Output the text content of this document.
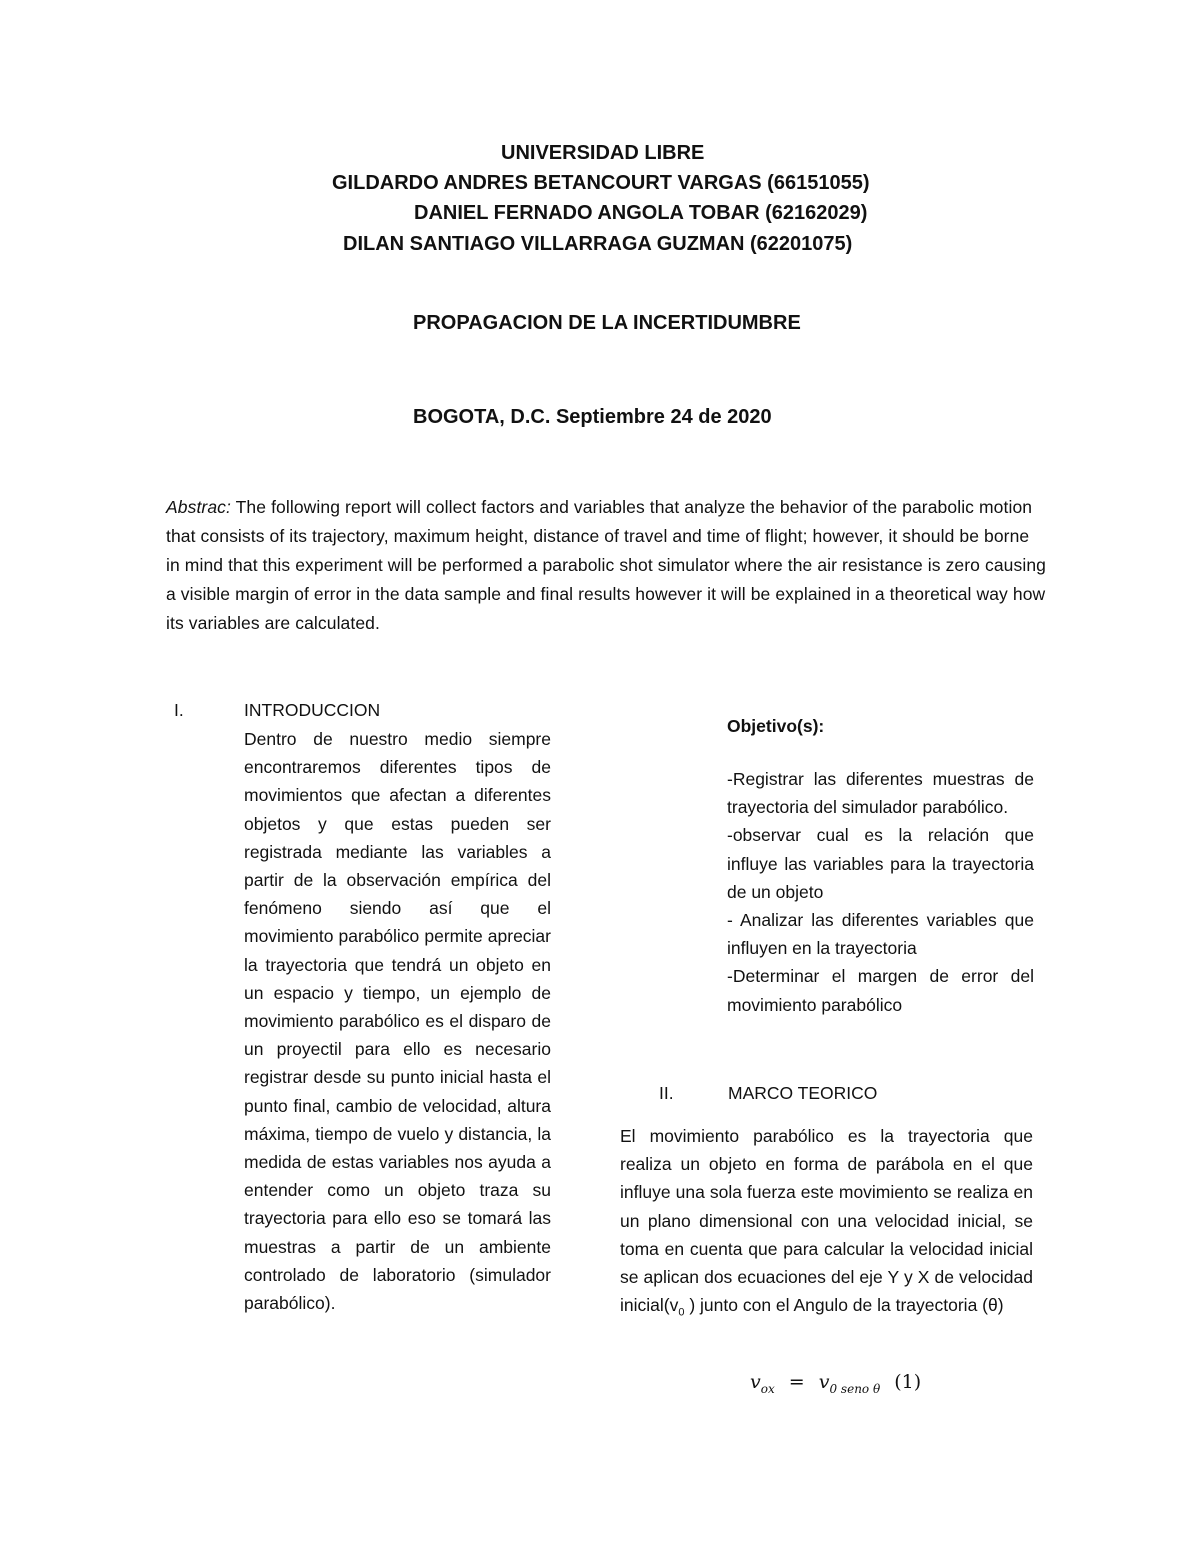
UNIVERSIDAD LIBRE
GILDARDO ANDRES BETANCOURT VARGAS (66151055)
DANIEL FERNADO ANGOLA TOBAR (62162029)
DILAN SANTIAGO VILLARRAGA GUZMAN (62201075)
PROPAGACION DE LA INCERTIDUMBRE
BOGOTA, D.C. Septiembre 24 de 2020
Abstrac: The following report will collect factors and variables that analyze the behavior of the parabolic motion that consists of its trajectory, maximum height, distance of travel and time of flight; however, it should be borne in mind that this experiment will be performed a parabolic shot simulator where the air resistance is zero causing a visible margin of error in the data sample and final results however it will be explained in a theoretical way how its variables are calculated.
I.	INTRODUCCION
Dentro de nuestro medio siempre encontraremos diferentes tipos de movimientos que afectan a diferentes objetos y que estas pueden ser registrada mediante las variables a partir de la observación empírica del fenómeno siendo así que el movimiento parabólico permite apreciar la trayectoria que tendrá un objeto en un espacio y tiempo, un ejemplo de movimiento parabólico es el disparo de un proyectil para ello es necesario registrar desde su punto inicial hasta el punto final, cambio de velocidad, altura máxima, tiempo de vuelo y distancia, la medida de estas variables nos ayuda a entender como un objeto traza su trayectoria para ello eso se tomará las muestras a partir de un ambiente controlado de laboratorio (simulador parabólico).
Objetivo(s):

-Registrar las diferentes muestras de trayectoria del simulador parabólico.

-observar cual es la relación que influye las variables para la trayectoria de un objeto

- Analizar las diferentes variables que influyen en la trayectoria

-Determinar el margen de error del movimiento parabólico

II.	MARCO TEORICO
El movimiento parabólico es la trayectoria que realiza un objeto en forma de parábola en el que influye una sola fuerza este movimiento se realiza en un plano dimensional con una velocidad inicial, se toma en cuenta que para calcular la velocidad inicial se aplican dos ecuaciones del eje Y y X de velocidad $inicial(v_0$ ) junto con el Angulo de la trayectoria (θ)
$v_{ox} = v_{0 seno \theta}$ (1)
